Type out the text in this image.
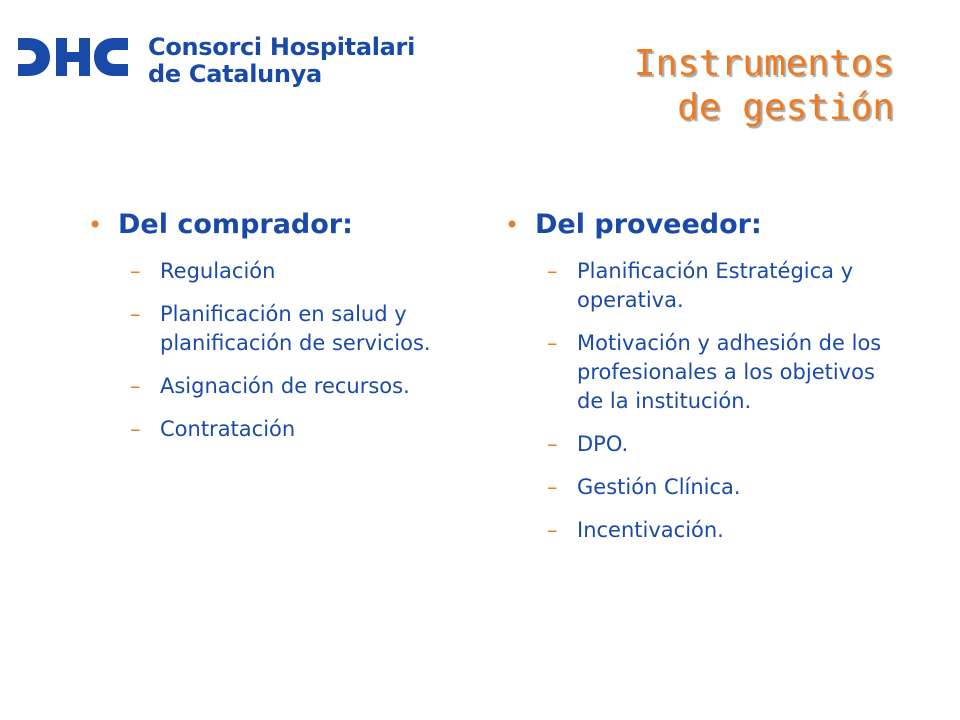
Consorci Hospitalari
de Catalunya	Instrumentos
de gestión
• Del comprador:
– Regulación
– Planificación en salud y planificación de servicios.
– Asignación de recursos.
– Contratación
• Del proveedor:
– Planificación Estratégica y operativa.
– Motivación y adhesión de los profesionales a los objetivos de la institución.
– DPO.
– Gestión Clínica.
– Incentivación.
